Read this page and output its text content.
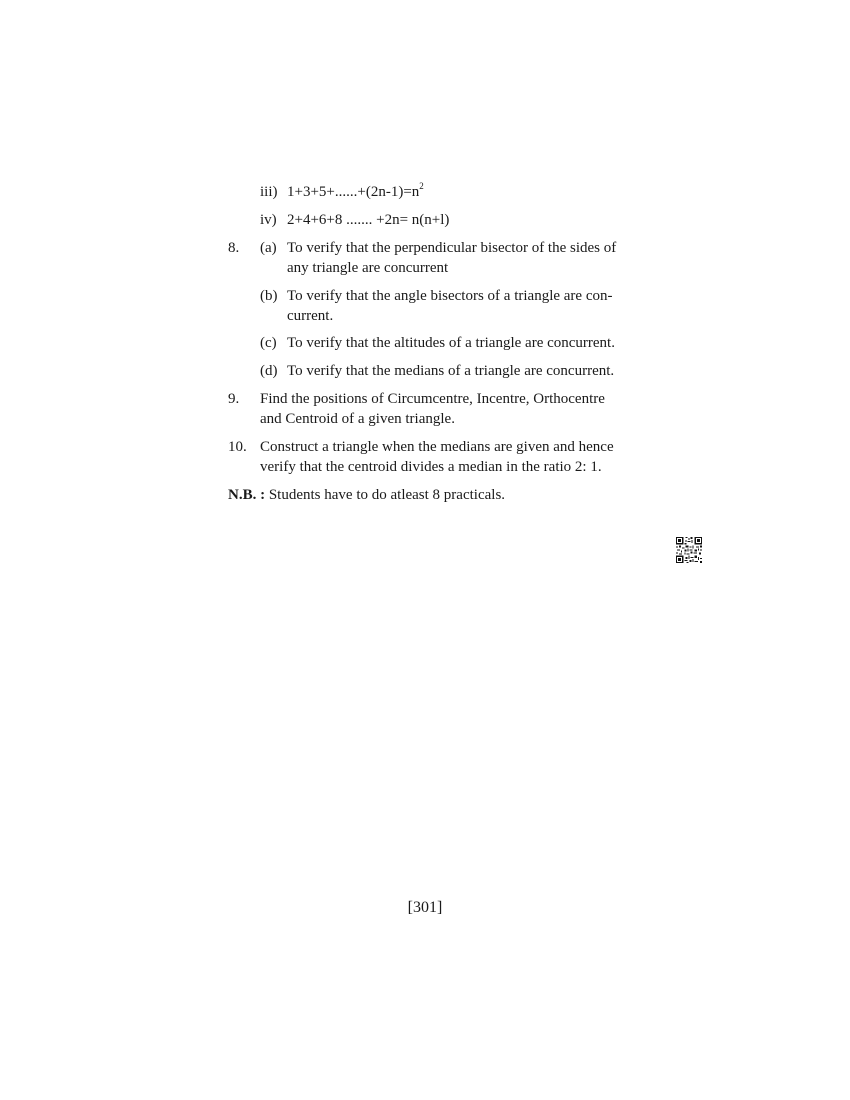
iii) $1+3+5+......+(2n-1)=n^2$
iv) 2+4+6+8 ....... +2n= n(n+l)
8. (a) To verify that the perpendicular bisector of the sides of
any triangle are concurrent
(b) To verify that the angle bisectors of a triangle are con-
current.
(c) To verify that the altitudes of a triangle are concurrent.
(d) To verify that the medians of a triangle are concurrent.
9. Find the positions of Circumcentre, Incentre, Orthocentre
and Centroid of a given triangle.
10. Construct a triangle when the medians are given and hence
verify that the centroid divides a median in the ratio 2: 1.
N.B. : Students have to do atleast 8 practicals.
[301]
